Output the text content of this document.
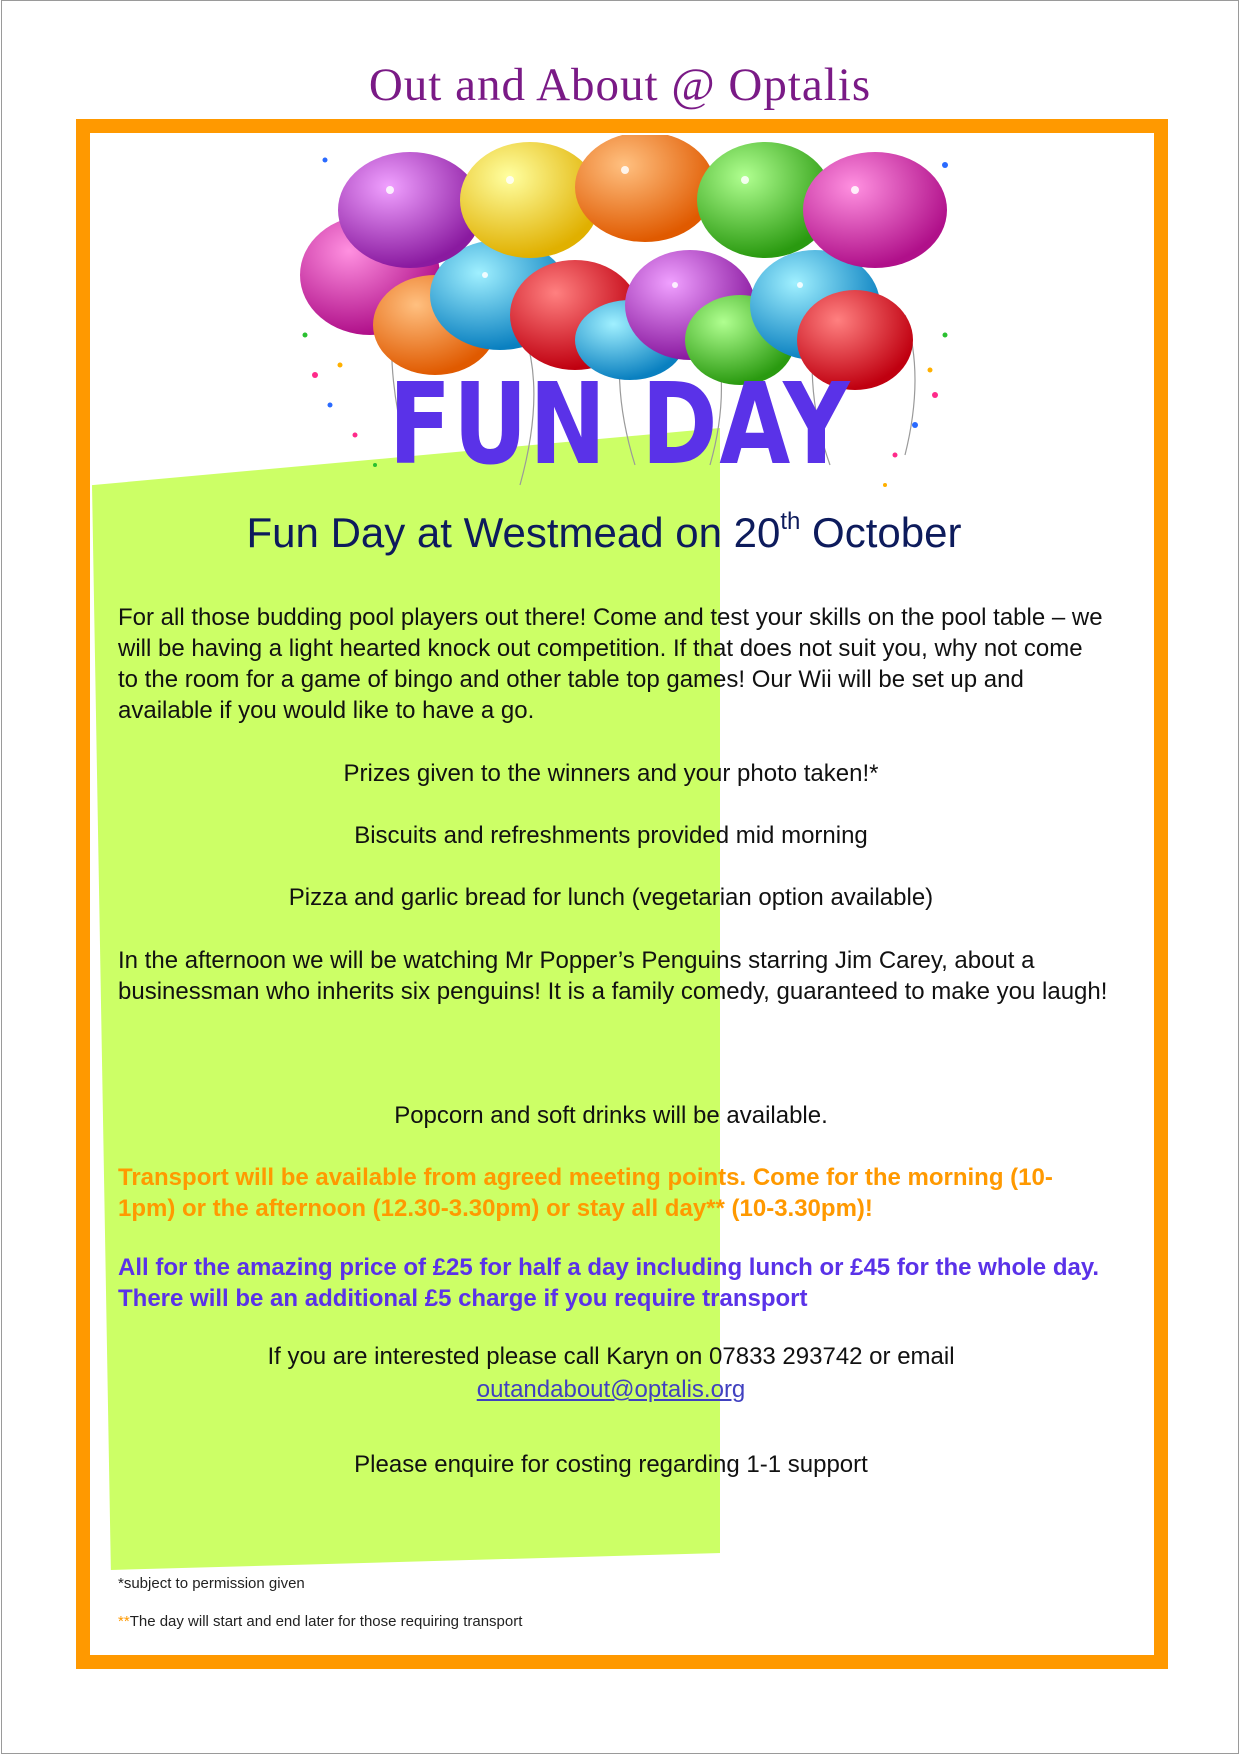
Out and About @ Optalis
FUN DAY
Fun Day at Westmead on 20th October
For all those budding pool players out there! Come and test your skills on the pool table – we will be having a light hearted knock out competition. If that does not suit you, why not come to the room for a game of bingo and other table top games! Our Wii will be set up and available if you would like to have a go.
Prizes given to the winners and your photo taken!*
Biscuits and refreshments provided mid morning
Pizza and garlic bread for lunch (vegetarian option available)
In the afternoon we will be watching Mr Popper’s Penguins starring Jim Carey, about a businessman who inherits six penguins! It is a family comedy, guaranteed to make you laugh!
Popcorn and soft drinks will be available.
Transport will be available from agreed meeting points. Come for the morning (10-1pm) or the afternoon (12.30-3.30pm) or stay all day** (10-3.30pm)!
All for the amazing price of £25 for half a day including lunch or £45 for the whole day. There will be an additional £5 charge if you require transport
If you are interested please call Karyn on 07833 293742 or email
outandabout@optalis.org
Please enquire for costing regarding 1-1 support
*subject to permission given
**The day will start and end later for those requiring transport
